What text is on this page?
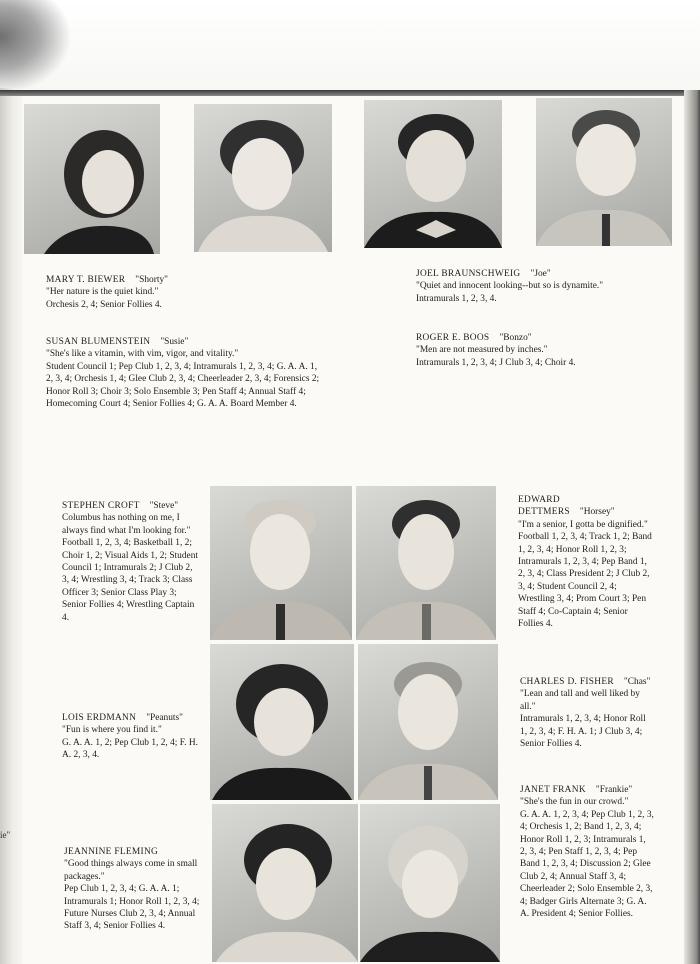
MARY T. BIEWER "Shorty"

"Her nature is the quiet kind."

Orchesis 2, 4; Senior Follies 4.

SUSAN BLUMENSTEIN "Susie"

"She's like a vitamin, with vim, vigor, and vitality."

Student Council 1; Pep Club 1, 2, 3, 4; Intramurals 1, 2, 3, 4; G. A. A. 1, 2, 3, 4; Orchesis 1, 4; Glee Club 2, 3, 4; Cheerleader 2, 3, 4; Forensics 2; Honor Roll 3; Choir 3; Solo Ensemble 3; Pen Staff 4; Annual Staff 4; Homecoming Court 4; Senior Follies 4; G. A. A. Board Member 4.

JOEL BRAUNSCHWEIG "Joe"

"Quiet and innocent looking--but so is dynamite."

Intramurals 1, 2, 3, 4.

ROGER E. BOOS "Bonzo"

"Men are not measured by inches."

Intramurals 1, 2, 3, 4; J Club 3, 4; Choir 4.

STEPHEN CROFT "Steve"

Columbus has nothing on me, I always find what I'm looking for."

Football 1, 2, 3, 4; Basketball 1, 2; Choir 1, 2; Visual Aids 1, 2; Student Council 1; Intramurals 2; J Club 2, 3, 4; Wrestling 3, 4; Track 3; Class Officer 3; Senior Class Play 3; Senior Follies 4; Wrestling Captain 4.

LOIS ERDMANN "Peanuts"

"Fun is where you find it."

G. A. A. 1, 2; Pep Club 1, 2, 4; F. H. A. 2, 3, 4.

JEANNINE FLEMING

"Good things always come in small packages."

Pep Club 1, 2, 3, 4; G. A. A. 1; Intramurals 1; Honor Roll 1, 2, 3, 4; Future Nurses Club 2, 3, 4; Annual Staff 3, 4; Senior Follies 4.

EDWARD DETTMERS "Horsey"

"I'm a senior, I gotta be dignified."

Football 1, 2, 3, 4; Track 1, 2; Band 1, 2, 3, 4; Honor Roll 1, 2, 3; Intramurals 1, 2, 3, 4; Pep Band 1, 2, 3, 4; Class President 2; J Club 2, 3, 4; Student Council 2, 4; Wrestling 3, 4; Prom Court 3; Pen Staff 4; Co-Captain 4; Senior Follies 4.

CHARLES D. FISHER "Chas"

"Lean and tall and well liked by all."

Intramurals 1, 2, 3, 4; Honor Roll 1, 2, 3, 4; F. H. A. 1; J Club 3, 4; Senior Follies 4.

JANET FRANK "Frankie"

"She's the fun in our crowd."

G. A. A. 1, 2, 3, 4; Pep Club 1, 2, 3, 4; Orchesis 1, 2; Band 1, 2, 3, 4; Honor Roll 1, 2, 3; Intramurals 1, 2, 3, 4; Pen Staff 1, 2, 3, 4; Pep Band 1, 2, 3, 4; Discussion 2; Glee Club 2, 4; Annual Staff 3, 4; Cheerleader 2; Solo Ensemble 2, 3, 4; Badger Girls Alternate 3; G. A. A. President 4; Senior Follies.

ie"
